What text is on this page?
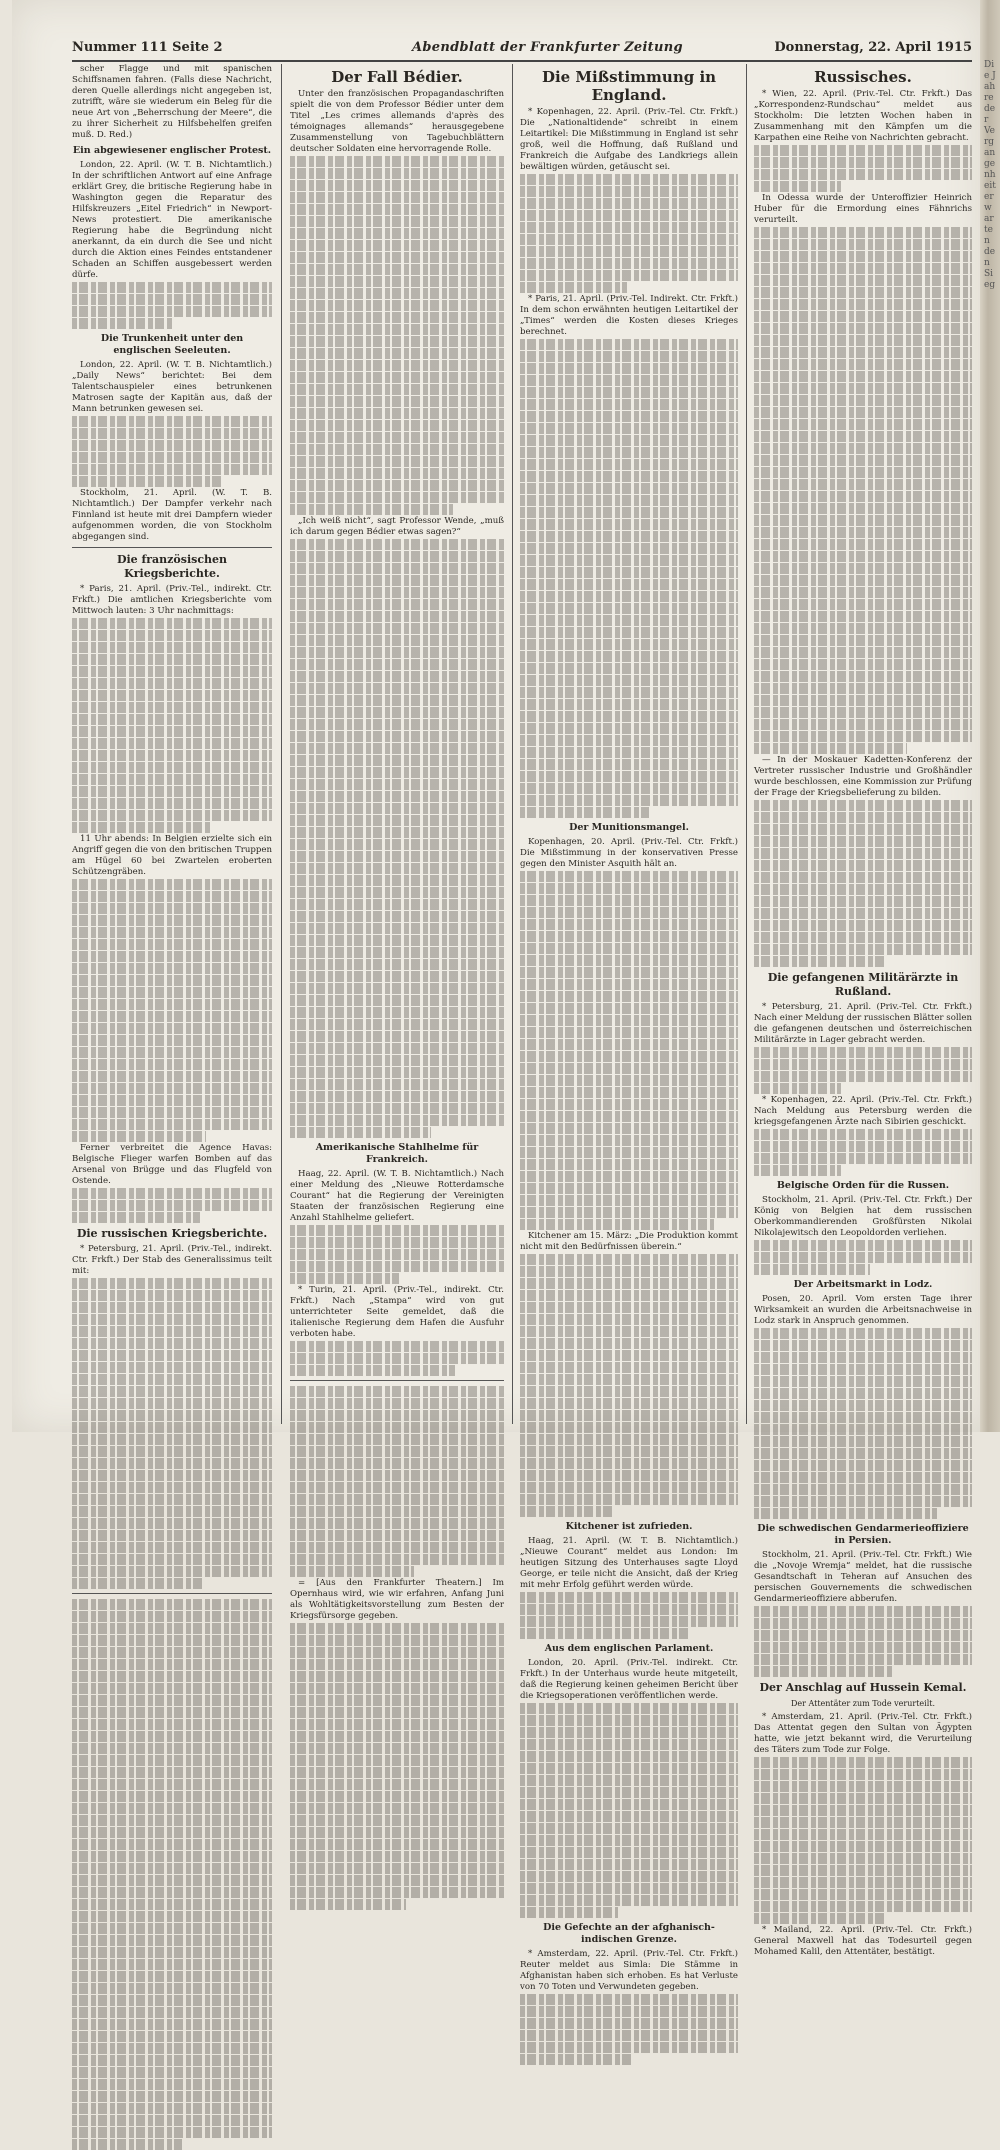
Die Jahre der Vergangenheit erwarten den Sieg
Nummer 111 Seite 2	Abendblatt der Frankfurter Zeitung	Donnerstag, 22. April 1915

scher Flagge und mit spanischen Schiffsnamen fahren. (Falls diese Nachricht, deren Quelle allerdings nicht angegeben ist, zutrifft, wäre sie wiederum ein Beleg für die neue Art von „Beherrschung der Meere“, die zu ihrer Sicherheit zu Hilfsbehelfen greifen muß. D. Red.)

Ein abgewiesener englischer Protest.

London, 22. April. (W. T. B. Nichtamtlich.) In der schriftlichen Antwort auf eine Anfrage erklärt Grey, die britische Regierung habe in Washington gegen die Reparatur des Hilfskreuzers „Eitel Friedrich“ in Newport-News protestiert. Die amerikanische Regierung habe die Begründung nicht anerkannt, da ein durch die See und nicht durch die Aktion eines Feindes entstandener Schaden an Schiffen ausgebessert werden dürfe.

Die Trunkenheit unter den englischen Seeleuten.

London, 22. April. (W. T. B. Nichtamtlich.) „Daily News“ berichtet: Bei dem Talentschauspieler eines betrunkenen Matrosen sagte der Kapitän aus, daß der Mann betrunken gewesen sei.

Stockholm, 21. April. (W. T. B. Nichtamtlich.) Der Dampfer verkehr nach Finnland ist heute mit drei Dampfern wieder aufgenommen worden, die von Stockholm abgegangen sind.

Die französischen Kriegsberichte.

* Paris, 21. April. (Priv.-Tel., indirekt. Ctr. Frkft.) Die amtlichen Kriegsberichte vom Mittwoch lauten: 3 Uhr nachmittags:

11 Uhr abends: In Belgien erzielte sich ein Angriff gegen die von den britischen Truppen am Hügel 60 bei Zwartelen eroberten Schützengräben.

Ferner verbreitet die Agence Havas: Belgische Flieger warfen Bomben auf das Arsenal von Brügge und das Flugfeld von Ostende.

Die russischen Kriegsberichte.

* Petersburg, 21. April. (Priv.-Tel., indirekt. Ctr. Frkft.) Der Stab des Generalissimus teilt mit:

Der Fall Bédier.

Unter den französischen Propagandaschriften spielt die von dem Professor Bédier unter dem Titel „Les crimes allemands d'après des témoignages allemands“ herausgegebene Zusammenstellung von Tagebuchblättern deutscher Soldaten eine hervorragende Rolle.

„Ich weiß nicht“, sagt Professor Wende, „muß ich darum gegen Bédier etwas sagen?“

Amerikanische Stahlhelme für Frankreich.

Haag, 22. April. (W. T. B. Nichtamtlich.) Nach einer Meldung des „Nieuwe Rotterdamsche Courant“ hat die Regierung der Vereinigten Staaten der französischen Regierung eine Anzahl Stahlhelme geliefert.

* Turin, 21. April. (Priv.-Tel., indirekt. Ctr. Frkft.) Nach „Stampa“ wird von gut unterrichteter Seite gemeldet, daß die italienische Regierung dem Hafen die Ausfuhr verboten habe.

= [Aus den Frankfurter Theatern.] Im Opernhaus wird, wie wir erfahren, Anfang Juni als Wohltätigkeitsvorstellung zum Besten der Kriegsfürsorge gegeben.

Die Mißstimmung in England.

* Kopenhagen, 22. April. (Priv.-Tel. Ctr. Frkft.) Die „Nationaltidende“ schreibt in einem Leitartikel: Die Mißstimmung in England ist sehr groß, weil die Hoffnung, daß Rußland und Frankreich die Aufgabe des Landkriegs allein bewältigen würden, getäuscht sei.

* Paris, 21. April. (Priv.-Tel. Indirekt. Ctr. Frkft.) In dem schon erwähnten heutigen Leitartikel der „Times“ werden die Kosten dieses Krieges berechnet.

Der Munitionsmangel.

Kopenhagen, 20. April. (Priv.-Tel. Ctr. Frkft.) Die Mißstimmung in der konservativen Presse gegen den Minister Asquith hält an.

Kitchener am 15. März: „Die Produktion kommt nicht mit den Bedürfnissen überein.“

Kitchener ist zufrieden.

Haag, 21. April. (W. T. B. Nichtamtlich.) „Nieuwe Courant“ meldet aus London: Im heutigen Sitzung des Unterhauses sagte Lloyd George, er teile nicht die Ansicht, daß der Krieg mit mehr Erfolg geführt werden würde.

Aus dem englischen Parlament.

London, 20. April. (Priv.-Tel. indirekt. Ctr. Frkft.) In der Unterhaus wurde heute mitgeteilt, daß die Regierung keinen geheimen Bericht über die Kriegsoperationen veröffentlichen werde.

Die Gefechte an der afghanisch-indischen Grenze.

* Amsterdam, 22. April. (Priv.-Tel. Ctr. Frkft.) Reuter meldet aus Simla: Die Stämme in Afghanistan haben sich erhoben. Es hat Verluste von 70 Toten und Verwundeten gegeben.

Russisches.

* Wien, 22. April. (Priv.-Tel. Ctr. Frkft.) Das „Korrespondenz-Rundschau“ meldet aus Stockholm: Die letzten Wochen haben in Zusammenhang mit den Kämpfen um die Karpathen eine Reihe von Nachrichten gebracht.

In Odessa wurde der Unteroffizier Heinrich Huber für die Ermordung eines Fähnrichs verurteilt.

— In der Moskauer Kadetten-Konferenz der Vertreter russischer Industrie und Großhändler wurde beschlossen, eine Kommission zur Prüfung der Frage der Kriegsbelieferung zu bilden.

Die gefangenen Militärärzte in Rußland.

* Petersburg, 21. April. (Priv.-Tel. Ctr. Frkft.) Nach einer Meldung der russischen Blätter sollen die gefangenen deutschen und österreichischen Militärärzte in Lager gebracht werden.

* Kopenhagen, 22. April. (Priv.-Tel. Ctr. Frkft.) Nach Meldung aus Petersburg werden die kriegsgefangenen Ärzte nach Sibirien geschickt.

Belgische Orden für die Russen.

Stockholm, 21. April. (Priv.-Tel. Ctr. Frkft.) Der König von Belgien hat dem russischen Oberkommandierenden Großfürsten Nikolai Nikolajewitsch den Leopoldorden verliehen.

Der Arbeitsmarkt in Lodz.

Posen, 20. April. Vom ersten Tage ihrer Wirksamkeit an wurden die Arbeitsnachweise in Lodz stark in Anspruch genommen.

Die schwedischen Gendarmerieoffiziere in Persien.

Stockholm, 21. April. (Priv.-Tel. Ctr. Frkft.) Wie die „Novoje Wremja“ meldet, hat die russische Gesandtschaft in Teheran auf Ansuchen des persischen Gouvernements die schwedischen Gendarmerieoffiziere abberufen.

Der Anschlag auf Hussein Kemal.
Der Attentäter zum Tode verurteilt.

* Amsterdam, 21. April. (Priv.-Tel. Ctr. Frkft.) Das Attentat gegen den Sultan von Ägypten hatte, wie jetzt bekannt wird, die Verurteilung des Täters zum Tode zur Folge.

* Mailand, 22. April. (Priv.-Tel. Ctr. Frkft.) General Maxwell hat das Todesurteil gegen Mohamed Kalil, den Attentäter, bestätigt.
